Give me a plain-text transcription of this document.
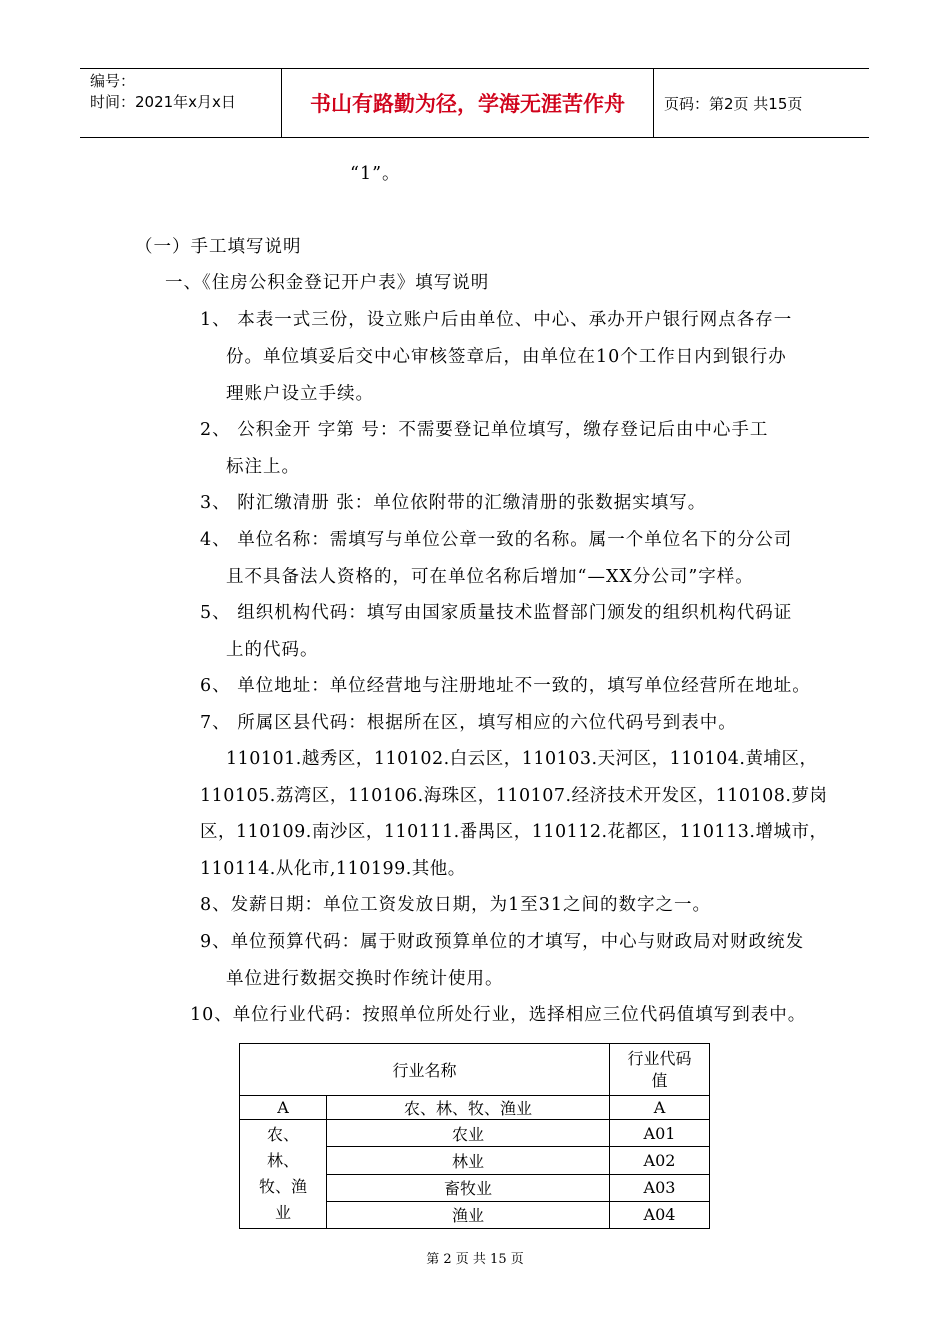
编号：
时间：2021年x月x日	书山有路勤为径，学海无涯苦作舟	页码：第2页 共15页
“1”。
（一）手工填写说明
一、《住房公积金登记开户表》填写说明
1、 本表一式三份，设立账户后由单位、中心、承办开户银行网点各存一
份。单位填妥后交中心审核签章后，由单位在10个工作日内到银行办
理账户设立手续。
2、 公积金开 字第 号：不需要登记单位填写，缴存登记后由中心手工
标注上。
3、 附汇缴清册 张：单位依附带的汇缴清册的张数据实填写。
4、 单位名称：需填写与单位公章一致的名称。属一个单位名下的分公司
且不具备法人资格的，可在单位名称后增加“—XX分公司”字样。
5、 组织机构代码：填写由国家质量技术监督部门颁发的组织机构代码证
上的代码。
6、 单位地址：单位经营地与注册地址不一致的，填写单位经营所在地址。
7、 所属区县代码：根据所在区，填写相应的六位代码号到表中。
110101.越秀区，110102.白云区，110103.天河区，110104.黄埔区，
110105.荔湾区，110106.海珠区，110107.经济技术开发区，110108.萝岗
区，110109.南沙区，110111.番禺区，110112.花都区，110113.增城市，
110114.从化市,110199.其他。
8、发薪日期：单位工资发放日期，为1至31之间的数字之一。
9、单位预算代码：属于财政预算单位的才填写，中心与财政局对财政统发
单位进行数据交换时作统计使用。
10、单位行业代码：按照单位所处行业，选择相应三位代码值填写到表中。
行业名称		行业代码
值

A	农、林、牧、渔业	A

农、
林、
牧、渔
业	农业	A01
	林业	A02
	畜牧业	A03
	渔业	A04
第 2 页 共 15 页
